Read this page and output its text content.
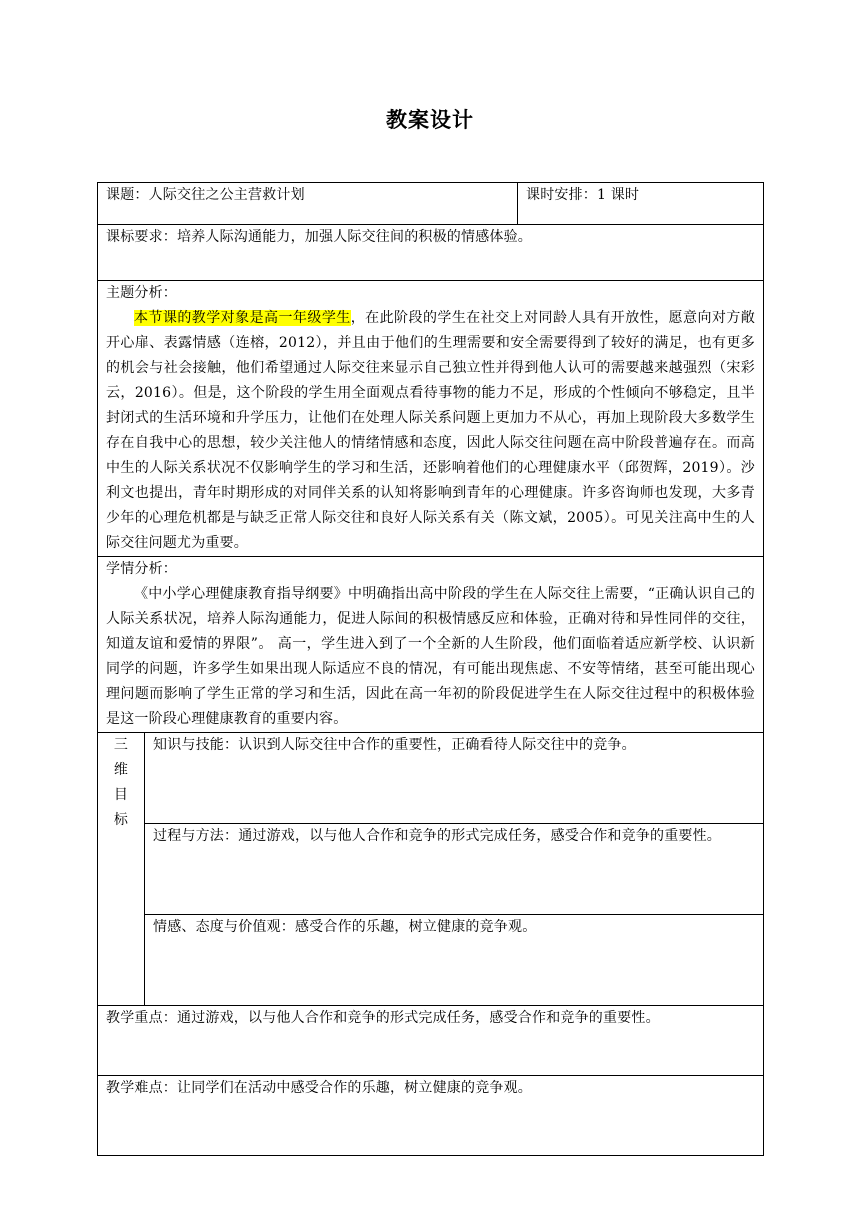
教案设计
课题：人际交往之公主营救计划		课时安排：1 课时
课标要求：培养人际沟通能力，加强人际交往间的积极的情感体验。		

主题分析：
本节课的教学对象是高一年级学生，在此阶段的学生在社交上对同龄人具有开放性，愿意向对方敞开心扉、表露情感（连榕，2012），并且由于他们的生理需要和安全需要得到了较好的满足，也有更多的机会与社会接触，他们希望通过人际交往来显示自己独立性并得到他人认可的需要越来越强烈（宋彩云，2016）。但是，这个阶段的学生用全面观点看待事物的能力不足，形成的个性倾向不够稳定，且半封闭式的生活环境和升学压力，让他们在处理人际关系问题上更加力不从心，再加上现阶段大多数学生存在自我中心的思想，较少关注他人的情绪情感和态度，因此人际交往问题在高中阶段普遍存在。而高中生的人际关系状况不仅影响学生的学习和生活，还影响着他们的心理健康水平（邱贺辉，2019）。沙利文也提出，青年时期形成的对同伴关系的认知将影响到青年的心理健康。许多咨询师也发现，大多青少年的心理危机都是与缺乏正常人际交往和良好人际关系有关（陈文斌，2005）。可见关注高中生的人际交往问题尤为重要。		

学情分析：
《中小学心理健康教育指导纲要》中明确指出高中阶段的学生在人际交往上需要，“正确认识自己的人际关系状况，培养人际沟通能力，促进人际间的积极情感反应和体验，正确对待和异性同伴的交往，知道友谊和爱情的界限”。 高一，学生进入到了一个全新的人生阶段，他们面临着适应新学校、认识新同学的问题，许多学生如果出现人际适应不良的情况，有可能出现焦虑、不安等情绪，甚至可能出现心理问题而影响了学生正常的学习和生活，因此在高一年初的阶段促进学生在人际交往过程中的积极体验是这一阶段心理健康教育的重要内容。		

三 维
目 标	知识与技能：认识到人际交往中合作的重要性，正确看待人际交往中的竞争。	
	过程与方法：通过游戏，以与他人合作和竞争的形式完成任务，感受合作和竞争的重要性。	
	情感、态度与价值观：感受合作的乐趣，树立健康的竞争观。	
教学重点：通过游戏，以与他人合作和竞争的形式完成任务，感受合作和竞争的重要性。		
教学难点：让同学们在活动中感受合作的乐趣，树立健康的竞争观。		
